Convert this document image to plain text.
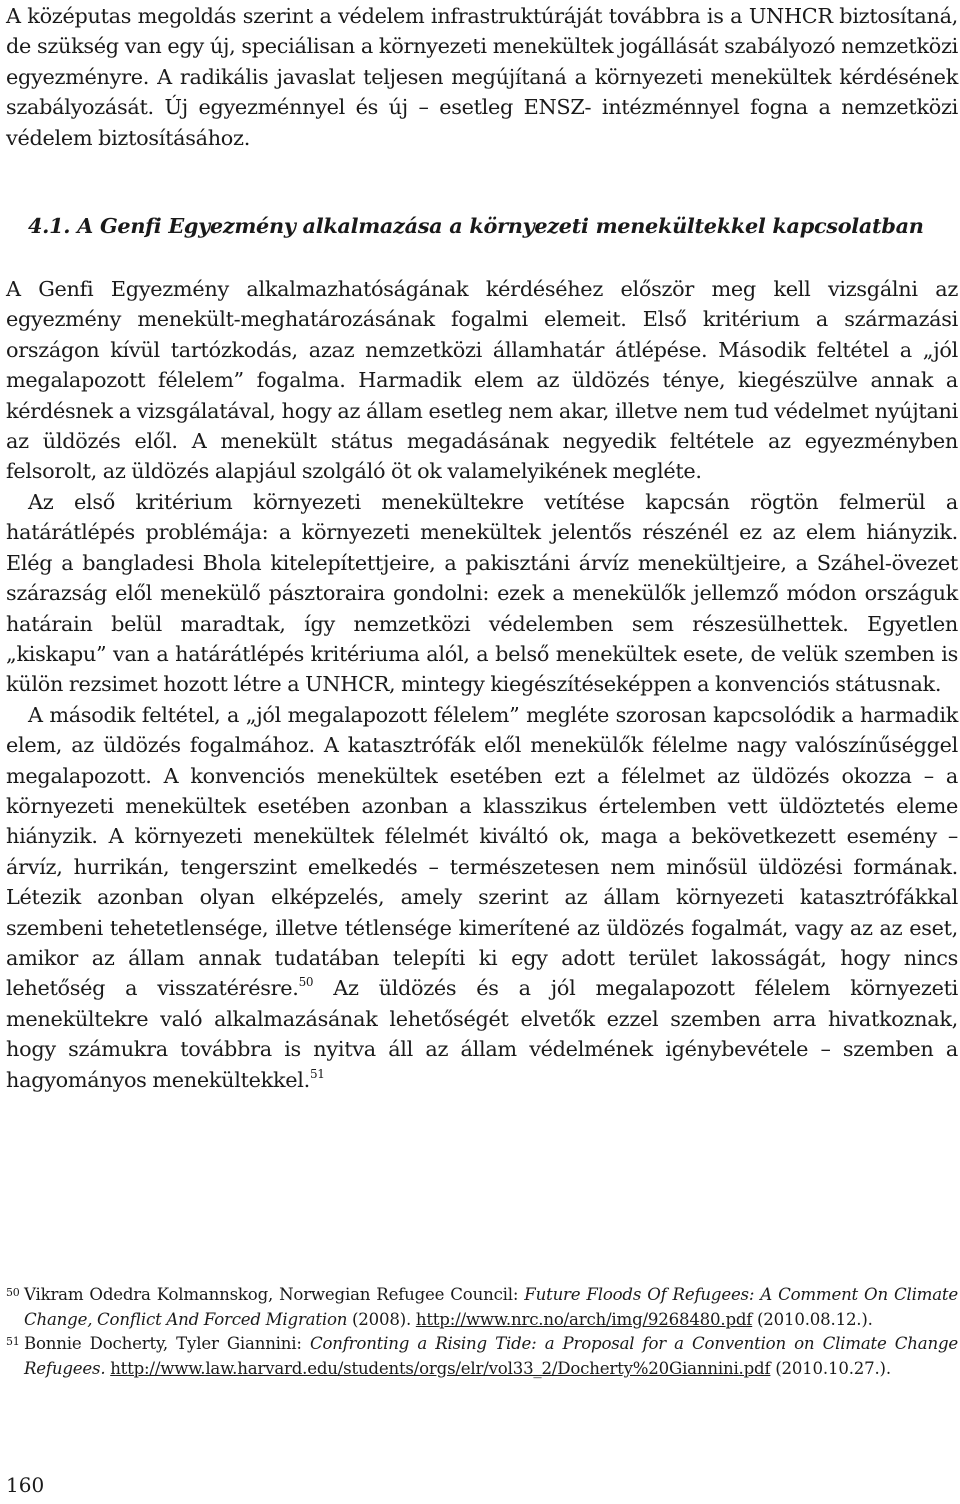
A középutas megoldás szerint a védelem infrastruktúráját továbbra is a UNHCR biztosítaná, de szükség van egy új, speciálisan a környezeti menekültek jogállását szabályozó nemzetközi egyezményre. A radikális javaslat teljesen megújítaná a környezeti menekültek kérdésének szabályozását. Új egyezménnyel és új – esetleg ENSZ- intézménnyel fogna a nemzetközi védelem biztosításához.

4.1. A Genfi Egyezmény alkalmazása a környezeti menekültekkel kapcsolatban

A Genfi Egyezmény alkalmazhatóságának kérdéséhez először meg kell vizsgálni az egyezmény menekült-meghatározásának fogalmi elemeit. Első kritérium a származási országon kívül tartózkodás, azaz nemzetközi államhatár átlépése. Második feltétel a „jól megalapozott félelem” fogalma. Harmadik elem az üldözés ténye, kiegészülve annak a kérdésnek a vizsgálatával, hogy az állam esetleg nem akar, illetve nem tud védelmet nyújtani az üldözés elől. A menekült státus megadásának negyedik feltétele az egyezményben felsorolt, az üldözés alapjául szolgáló öt ok valamelyikének megléte.

Az első kritérium környezeti menekültekre vetítése kapcsán rögtön felmerül a határátlépés problémája: a környezeti menekültek jelentős részénél ez az elem hiányzik. Elég a bangladesi Bhola kitelepítettjeire, a pakisztáni árvíz menekültjeire, a Száhel-övezet szárazság elől menekülő pásztoraira gondolni: ezek a menekülők jellemző módon országuk határain belül maradtak, így nemzetközi védelemben sem részesülhettek. Egyetlen „kiskapu” van a határátlépés kritériuma alól, a belső menekültek esete, de velük szemben is külön rezsimet hozott létre a UNHCR, mintegy kiegészítéseképpen a konvenciós státusnak.

A második feltétel, a „jól megalapozott félelem” megléte szorosan kapcsolódik a harmadik elem, az üldözés fogalmához. A katasztrófák elől menekülők félelme nagy valószínűséggel megalapozott. A konvenciós menekültek esetében ezt a félelmet az üldözés okozza – a környezeti menekültek esetében azonban a klasszikus értelemben vett üldöztetés eleme hiányzik. A környezeti menekültek félelmét kiváltó ok, maga a bekövetkezett esemény – árvíz, hurrikán, tengerszint emelkedés – természetesen nem minősül üldözési formának. Létezik azonban olyan elképzelés, amely szerint az állam környezeti katasztrófákkal szembeni tehetetlensége, illetve tétlensége kimerítené az üldözés fogalmát, vagy az az eset, amikor az állam annak tudatában telepíti ki egy adott terület lakosságát, hogy nincs lehetőség a visszatérésre.$^{50}$ Az üldözés és a jól megalapozott félelem környezeti menekültekre való alkalmazásának lehetőségét elvetők ezzel szemben arra hivatkoznak, hogy számukra továbbra is nyitva áll az állam védelmének igénybevétele – szemben a hagyományos menekültekkel.$^{51}$

50 Vikram Odedra Kolmannskog, Norwegian Refugee Council: Future Floods Of Refugees: A Comment On Climate Change, Conflict And Forced Migration (2008). http://www.nrc.no/arch/img/9268480.pdf (2010.08.12.).
51 Bonnie Docherty, Tyler Giannini: Confronting a Rising Tide: a Proposal for a Convention on Climate Change Refugees. http://www.law.harvard.edu/students/orgs/elr/vol33_2/Docherty%20Giannini.pdf (2010.10.27.).
160
